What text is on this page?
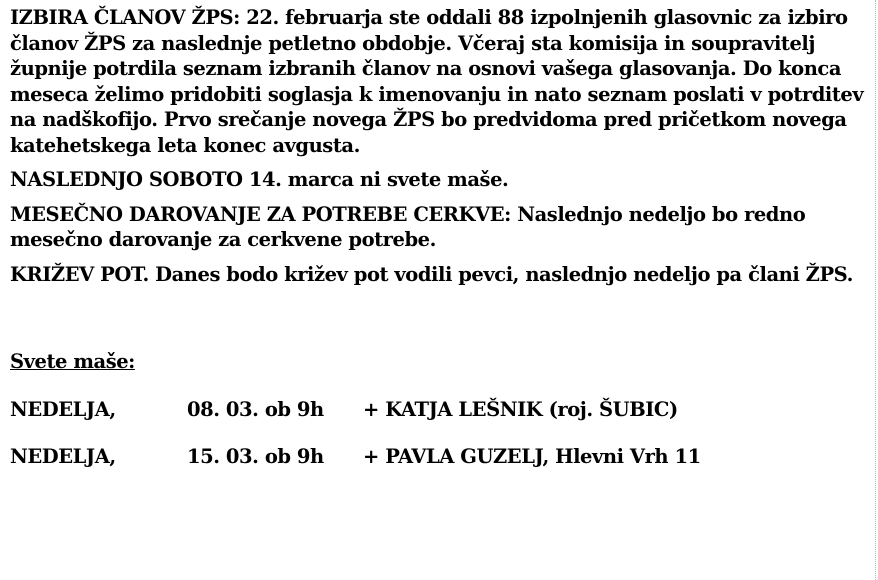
IZBIRA ČLANOV ŽPS: 22. februarja ste oddali 88 izpolnjenih glasovnic za izbiro članov ŽPS za naslednje petletno obdobje. Včeraj sta komisija in soupravitelj župnije potrdila seznam izbranih članov na osnovi vašega glasovanja. Do konca meseca želimo pridobiti soglasja k imenovanju in nato seznam poslati v potrditev na nadškofijo. Prvo srečanje novega ŽPS bo predvidoma pred pričetkom novega katehetskega leta konec avgusta.

NASLEDNJO SOBOTO 14. marca ni svete maše.

MESEČNO DAROVANJE ZA POTREBE CERKVE: Naslednjo nedeljo bo redno mesečno darovanje za cerkvene potrebe.

KRIŽEV POT. Danes bodo križev pot vodili pevci, naslednjo nedeljo pa člani ŽPS.

Svete maše:
NEDELJA,	08. 03. ob 9h + KATJA LEŠNIK (roj. ŠUBIC)
NEDELJA,	15. 03. ob 9h + PAVLA GUZELJ, Hlevni Vrh 11
